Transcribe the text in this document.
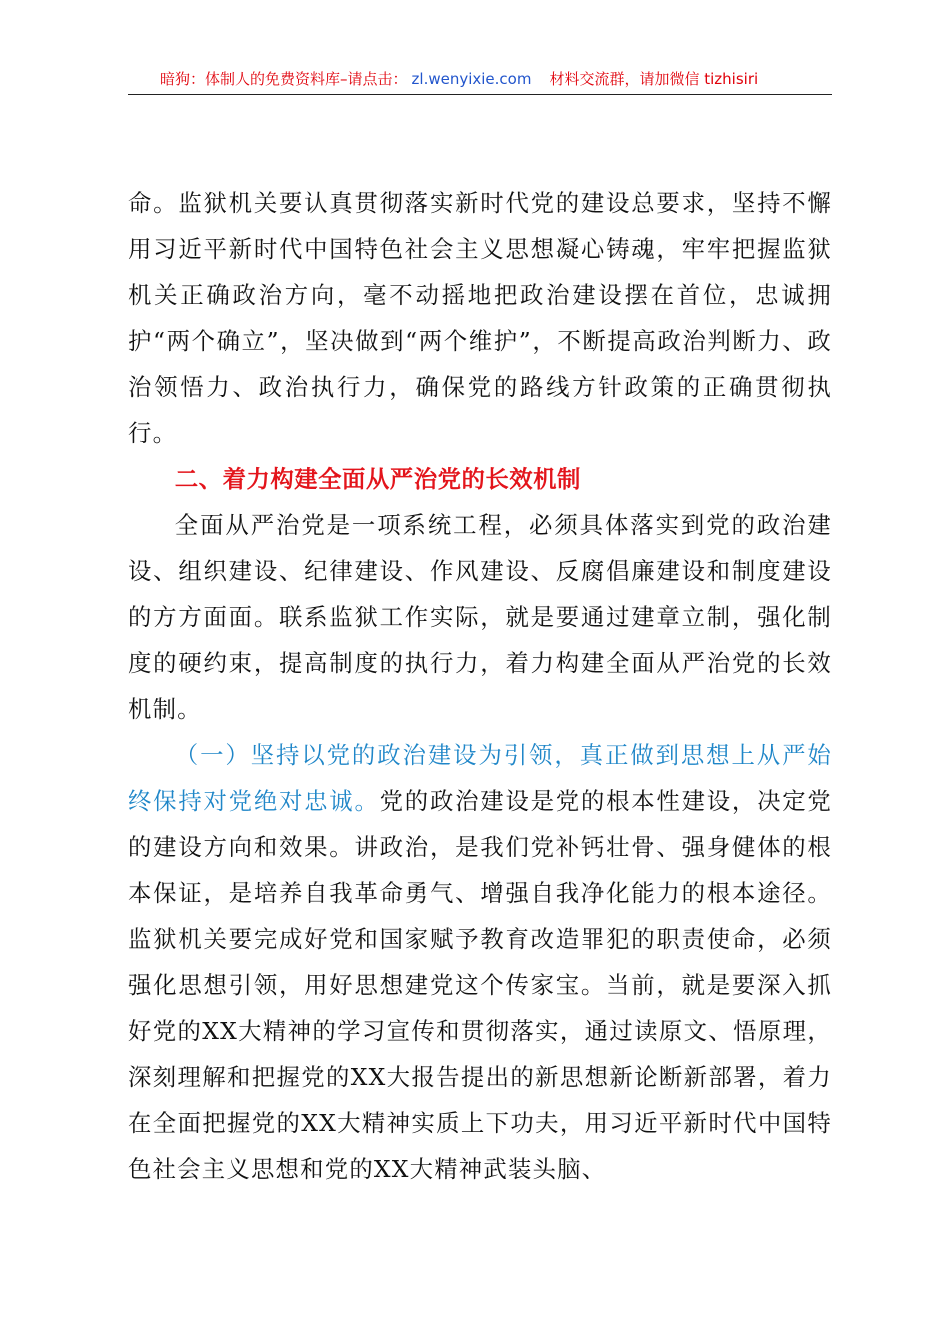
暗狗：体制人的免费资料库–请点击： zl.wenyixie.com 材料交流群，请加微信 tizhisiri

命。监狱机关要认真贯彻落实新时代党的建设总要求，坚持不懈用习近平新时代中国特色社会主义思想凝心铸魂，牢牢把握监狱机关正确政治方向，毫不动摇地把政治建设摆在首位，忠诚拥护“两个确立”，坚决做到“两个维护”，不断提高政治判断力、政治领悟力、政治执行力，确保党的路线方针政策的正确贯彻执行。

二、着力构建全面从严治党的长效机制

全面从严治党是一项系统工程，必须具体落实到党的政治建设、组织建设、纪律建设、作风建设、反腐倡廉建设和制度建设的方方面面。联系监狱工作实际，就是要通过建章立制，强化制度的硬约束，提高制度的执行力，着力构建全面从严治党的长效机制。

（一）坚持以党的政治建设为引领，真正做到思想上从严始终保持对党绝对忠诚。党的政治建设是党的根本性建设，决定党的建设方向和效果。讲政治，是我们党补钙壮骨、强身健体的根本保证，是培养自我革命勇气、增强自我净化能力的根本途径。监狱机关要完成好党和国家赋予教育改造罪犯的职责使命，必须强化思想引领，用好思想建党这个传家宝。当前，就是要深入抓好党的XX大精神的学习宣传和贯彻落实，通过读原文、悟原理，深刻理解和把握党的XX大报告提出的新思想新论断新部署，着力在全面把握党的XX大精神实质上下功夫，用习近平新时代中国特色社会主义思想和党的XX大精神武装头脑、
